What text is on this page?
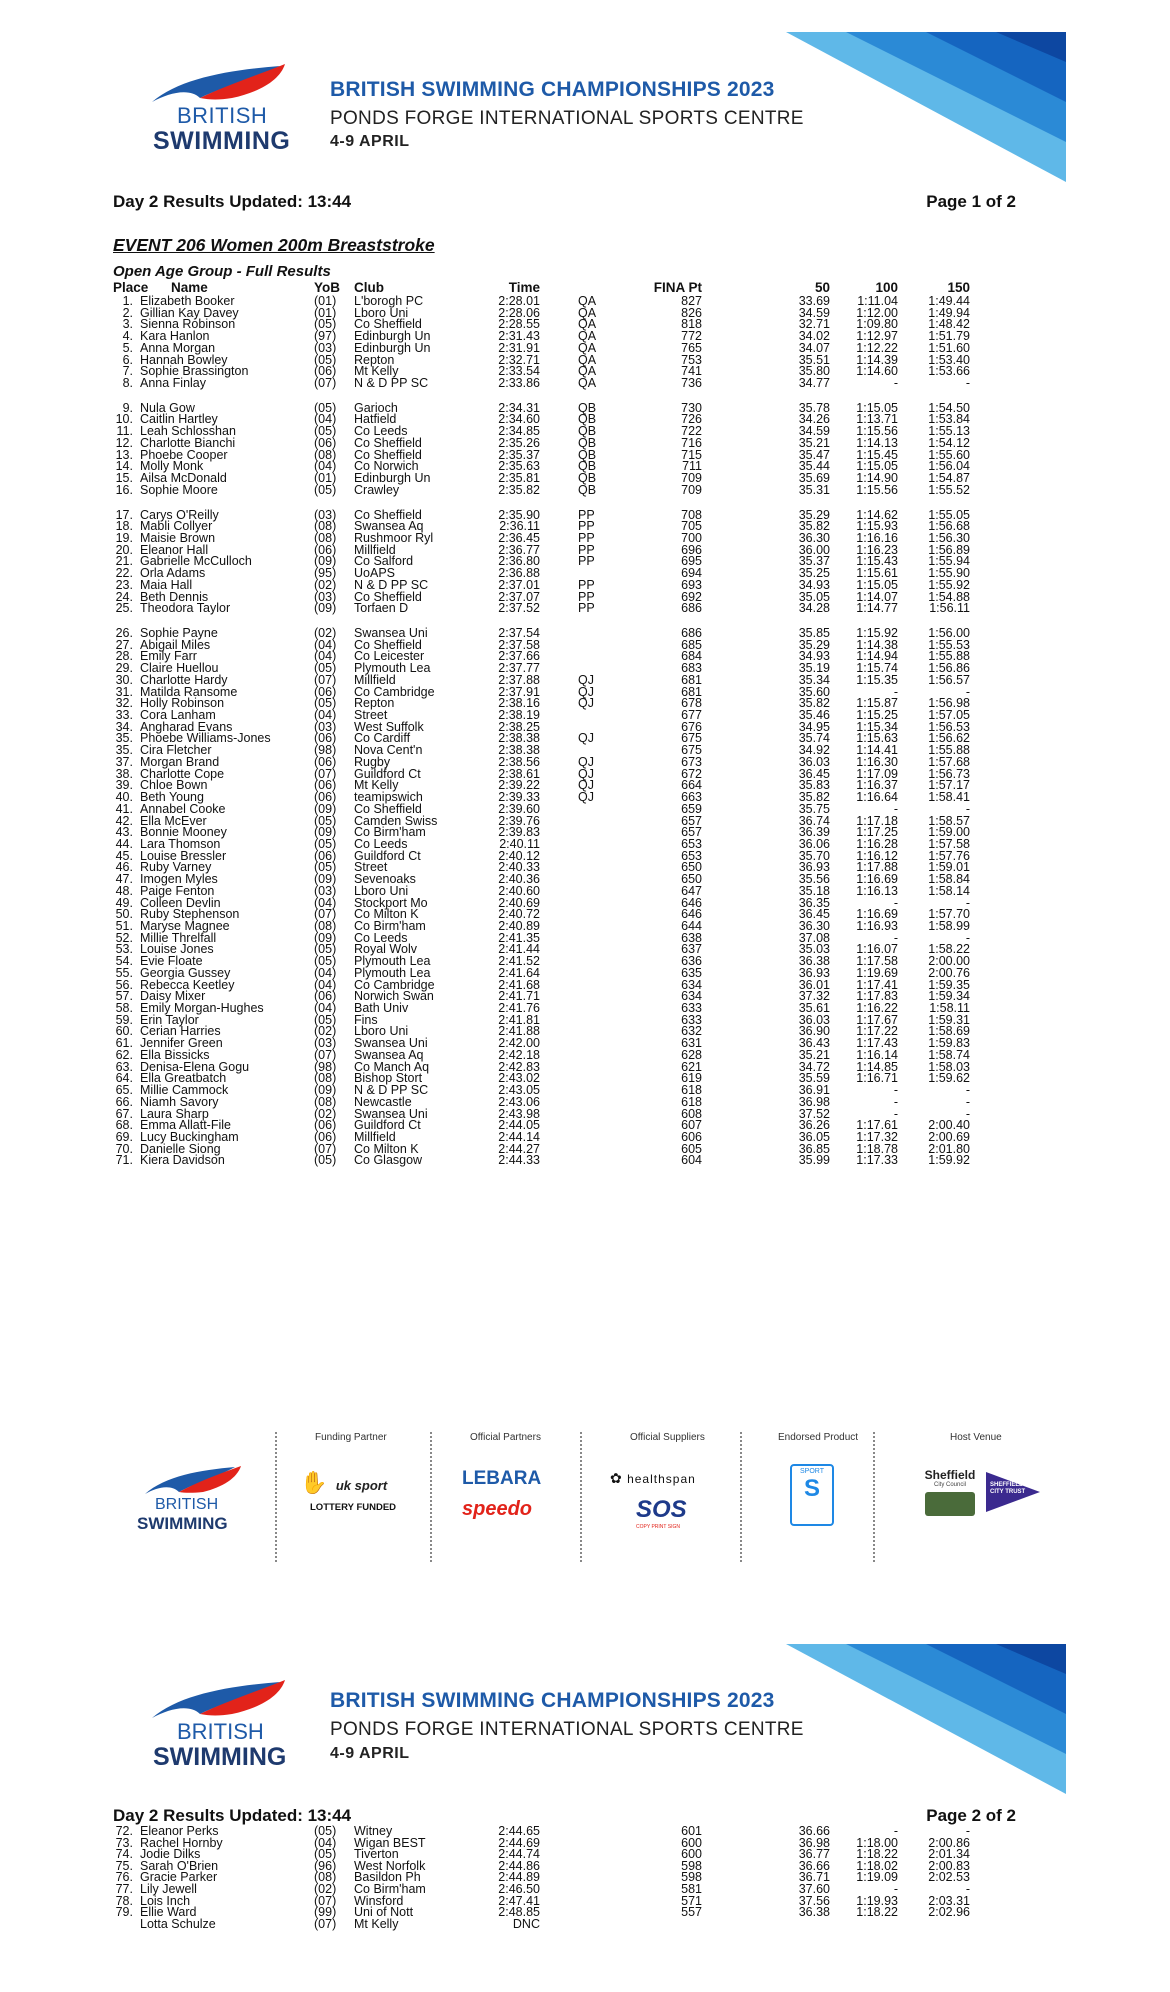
BRITISH
SWIMMING
BRITISH SWIMMING CHAMPIONSHIPS 2023
PONDS FORGE INTERNATIONAL SPORTS CENTRE
4-9 APRIL
Day 2 Results Updated: 13:44	Page 1 of 2
EVENT 206 Women 200m Breaststroke
Open Age Group - Full Results
Place Name	YoB Club	Time	FINA Pt	50	100	150
1. Elizabeth Booker	(01) L'borogh PC	2:28.01	QA	827	33.69 1:11.04 1:49.44
2. Gillian Kay Davey	(01) Lboro Uni	2:28.06	QA	826	34.59 1:12.00 1:49.94
3. Sienna Robinson	(05) Co Sheffield	2:28.55	QA	818	32.71 1:09.80 1:48.42
4. Kara Hanlon	(97) Edinburgh Un	2:31.43	QA	772	34.02 1:12.97 1:51.79
5. Anna Morgan	(03) Edinburgh Un	2:31.91	QA	765	34.07 1:12.22 1:51.60
6. Hannah Bowley	(05) Repton	2:32.71	QA	753	35.51 1:14.39 1:53.40
7. Sophie Brassington	(06) Mt Kelly	2:33.54	QA	741	35.80 1:14.60 1:53.66
8. Anna Finlay	(07) N & D PP SC	2:33.86	QA	736	34.77	-	-
9. Nula Gow	(05) Garioch	2:34.31	QB	730	35.78 1:15.05 1:54.50
10. Caitlin Hartley	(04) Hatfield	2:34.60	QB	726	34.26 1:13.71 1:53.84
11. Leah Schlosshan	(05) Co Leeds	2:34.85	QB	722	34.59 1:15.56 1:55.13
12. Charlotte Bianchi	(06) Co Sheffield	2:35.26	QB	716	35.21 1:14.13 1:54.12
13. Phoebe Cooper	(08) Co Sheffield	2:35.37	QB	715	35.47 1:15.45 1:55.60
14. Molly Monk	(04) Co Norwich	2:35.63	QB	711	35.44 1:15.05 1:56.04
15. Ailsa McDonald	(01) Edinburgh Un	2:35.81	QB	709	35.69 1:14.90 1:54.87
16. Sophie Moore	(05) Crawley	2:35.82	QB	709	35.31 1:15.56 1:55.52
17. Carys O'Reilly	(03) Co Sheffield	2:35.90	PP	708	35.29 1:14.62 1:55.05
18. Mabli Collyer	(08) Swansea Aq	2:36.11	PP	705	35.82 1:15.93 1:56.68
19. Maisie Brown	(08) Rushmoor Ryl	2:36.45	PP	700	36.30 1:16.16 1:56.30
20. Eleanor Hall	(06) Millfield	2:36.77	PP	696	36.00 1:16.23 1:56.89
21. Gabrielle McCulloch	(09) Co Salford	2:36.80	PP	695	35.37 1:15.43 1:55.94
22. Orla Adams	(95) UoAPS	2:36.88	694	35.25 1:15.61 1:55.90
23. Maia Hall	(02) N & D PP SC	2:37.01	PP	693	34.93 1:15.05 1:55.92
24. Beth Dennis	(03) Co Sheffield	2:37.07	PP	692	35.05 1:14.07 1:54.88
25. Theodora Taylor	(09) Torfaen D	2:37.52	PP	686	34.28 1:14.77 1:56.11
26. Sophie Payne	(02) Swansea Uni	2:37.54	686	35.85 1:15.92 1:56.00
27. Abigail Miles	(04) Co Sheffield	2:37.58	685	35.29 1:14.38 1:55.53
28. Emily Farr	(04) Co Leicester	2:37.66	684	34.93 1:14.94 1:55.88
29. Claire Huellou	(05) Plymouth Lea	2:37.77	683	35.19 1:15.74 1:56.86
30. Charlotte Hardy	(07) Millfield	2:37.88	QJ	681	35.34 1:15.35 1:56.57
31. Matilda Ransome	(06) Co Cambridge	2:37.91	QJ	681	35.60	-	-
32. Holly Robinson	(05) Repton	2:38.16	QJ	678	35.82 1:15.87 1:56.98
33. Cora Lanham	(04) Street	2:38.19	677	35.46 1:15.25 1:57.05
34. Angharad Evans	(03) West Suffolk	2:38.25	676	34.95 1:15.34 1:56.53
35. Phoebe Williams-Jones	(06) Co Cardiff	2:38.38	QJ	675	35.74 1:15.63 1:56.62
35. Cira Fletcher	(98) Nova Cent'n	2:38.38	675	34.92 1:14.41 1:55.88
37. Morgan Brand	(06) Rugby	2:38.56	QJ	673	36.03 1:16.30 1:57.68
38. Charlotte Cope	(07) Guildford Ct	2:38.61	QJ	672	36.45 1:17.09 1:56.73
39. Chloe Bown	(06) Mt Kelly	2:39.22	QJ	664	35.83 1:16.37 1:57.17
40. Beth Young	(06) teamipswich	2:39.33	QJ	663	35.82 1:16.64 1:58.41
41. Annabel Cooke	(09) Co Sheffield	2:39.60	659	35.75	-	-
42. Ella McEver	(05) Camden Swiss	2:39.76	657	36.74 1:17.18 1:58.57
43. Bonnie Mooney	(09) Co Birm'ham	2:39.83	657	36.39 1:17.25 1:59.00
44. Lara Thomson	(05) Co Leeds	2:40.11	653	36.06 1:16.28 1:57.58
45. Louise Bressler	(06) Guildford Ct	2:40.12	653	35.70 1:16.12 1:57.76
46. Ruby Varney	(05) Street	2:40.33	650	36.93 1:17.88 1:59.01
47. Imogen Myles	(09) Sevenoaks	2:40.36	650	35.56 1:16.69 1:58.84
48. Paige Fenton	(03) Lboro Uni	2:40.60	647	35.18 1:16.13 1:58.14
49. Colleen Devlin	(04) Stockport Mo	2:40.69	646	36.35	-	-
50. Ruby Stephenson	(07) Co Milton K	2:40.72	646	36.45 1:16.69 1:57.70
51. Maryse Magnee	(08) Co Birm'ham	2:40.89	644	36.30 1:16.93 1:58.99
52. Millie Threlfall	(09) Co Leeds	2:41.35	638	37.08	-	-
53. Louise Jones	(05) Royal Wolv	2:41.44	637	35.03 1:16.07 1:58.22
54. Evie Floate	(05) Plymouth Lea	2:41.52	636	36.38 1:17.58 2:00.00
55. Georgia Gussey	(04) Plymouth Lea	2:41.64	635	36.93 1:19.69 2:00.76
56. Rebecca Keetley	(04) Co Cambridge	2:41.68	634	36.01 1:17.41 1:59.35
57. Daisy Mixer	(06) Norwich Swan	2:41.71	634	37.32 1:17.83 1:59.34
58. Emily Morgan-Hughes	(04) Bath Univ	2:41.76	633	35.61 1:16.22 1:58.11
59. Erin Taylor	(05) Fins	2:41.81	633	36.03 1:17.67 1:59.31
60. Cerian Harries	(02) Lboro Uni	2:41.88	632	36.90 1:17.22 1:58.69
61. Jennifer Green	(03) Swansea Uni	2:42.00	631	36.43 1:17.43 1:59.83
62. Ella Bissicks	(07) Swansea Aq	2:42.18	628	35.21 1:16.14 1:58.74
63. Denisa-Elena Gogu	(98) Co Manch Aq	2:42.83	621	34.72 1:14.85 1:58.03
64. Ella Greatbatch	(08) Bishop Stort	2:43.02	619	35.59 1:16.71 1:59.62
65. Millie Cammock	(09) N & D PP SC	2:43.05	618	36.91	-	-
66. Niamh Savory	(08) Newcastle	2:43.06	618	36.98	-	-
67. Laura Sharp	(02) Swansea Uni	2:43.98	608	37.52	-	-
68. Emma Allatt-File	(06) Guildford Ct	2:44.05	607	36.26 1:17.61 2:00.40
69. Lucy Buckingham	(06) Millfield	2:44.14	606	36.05 1:17.32 2:00.69
70. Danielle Siong	(07) Co Milton K	2:44.27	605	36.85 1:18.78 2:01.80
71. Kiera Davidson	(05) Co Glasgow	2:44.33	604	35.99 1:17.33 1:59.92
Funding Partner	Official Partners	Official Suppliers	Endorsed Product	Host Venue
BRITISH
SWIMMING
✋ uk sport
LOTTERY FUNDED
LEBARA
speedo
✿ healthspan
SOS
COPY PRINT SIGN
SPORT
S	Sheffield
City Council	SHEFFIELD CITY TRUST
BRITISH
SWIMMING
BRITISH SWIMMING CHAMPIONSHIPS 2023
PONDS FORGE INTERNATIONAL SPORTS CENTRE
4-9 APRIL
Day 2 Results Updated: 13:44	Page 2 of 2
72. Eleanor Perks	(05) Witney	2:44.65	601	36.66	-	-
73. Rachel Hornby	(04) Wigan BEST	2:44.69	600	36.98 1:18.00 2:00.86
74. Jodie Dilks	(05) Tiverton	2:44.74	600	36.77 1:18.22 2:01.34
75. Sarah O'Brien	(96) West Norfolk	2:44.86	598	36.66 1:18.02 2:00.83
76. Gracie Parker	(08) Basildon Ph	2:44.89	598	36.71 1:19.09 2:02.53
77. Lily Jewell	(02) Co Birm'ham	2:46.50	581	37.60	-	-
78. Lois Inch	(07) Winsford	2:47.41	571	37.56 1:19.93 2:03.31
79. Ellie Ward	(99) Uni of Nott	2:48.85	557	36.38 1:18.22 2:02.96
Lotta Schulze	(07) Mt Kelly	DNC
